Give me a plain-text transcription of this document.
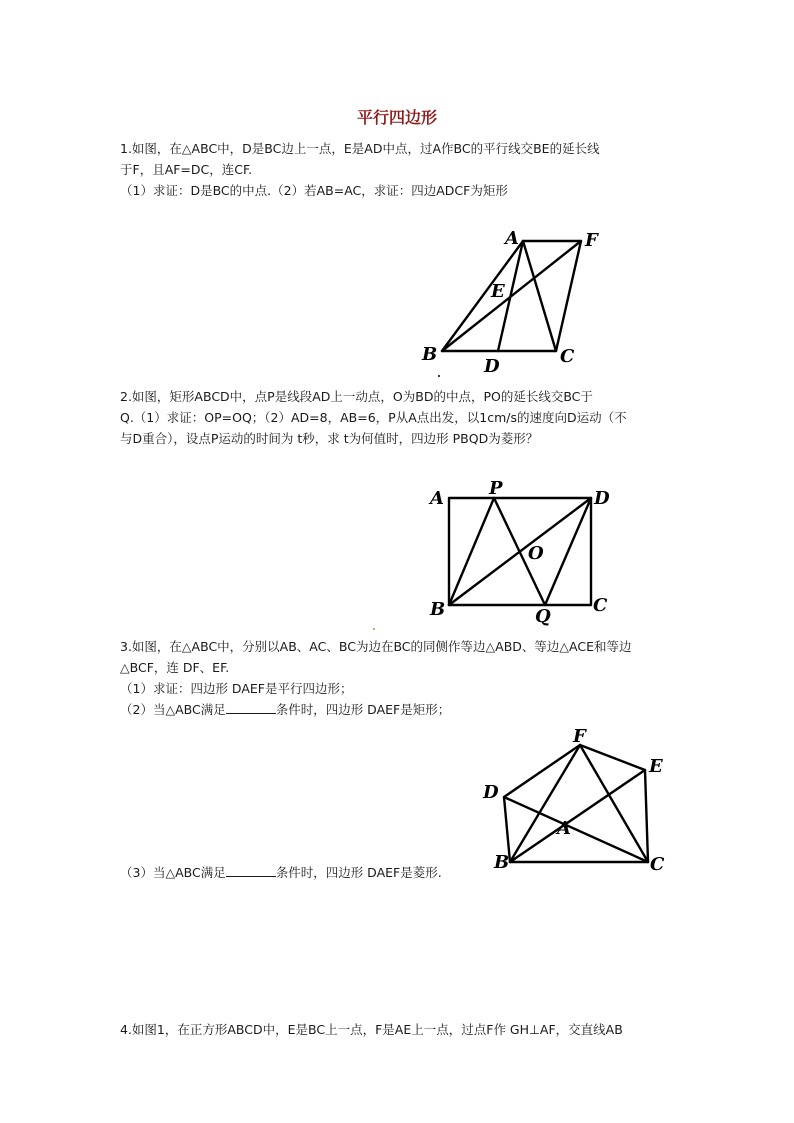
平行四边形
1.如图，在△ABC中，D是BC边上一点，E是AD中点，过A作BC的平行线交BE的延长线
于F，且AF=DC，连CF.
（1）求证：D是BC的中点.（2）若AB=AC，求证：四边ADCF为矩形
A	F
E
B
D	C
2.如图，矩形ABCD中，点P是线段AD上一动点，O为BD的中点，PO的延长线交BC于
Q.（1）求证：OP=OQ；（2）AD=8，AB=6，P从A点出发，以1cm/s的速度向D运动（不
与D重合），设点P运动的时间为 t秒，求 t为何值时，四边形 PBQD为菱形？
A	P	D
O
B	Q
C
3.如图，在△ABC中，分别以AB、AC、BC为边在BC的同侧作等边△ABD、等边△ACE和等边
△BCF，连 DF、EF.
（1）求证：四边形 DAEF是平行四边形；
（2）当△ABC满足	条件时，四边形 DAEF是矩形；
F
E
D
A
B	C
（3）当△ABC满足	条件时，四边形 DAEF是菱形.
4.如图1，在正方形ABCD中，E是BC上一点，F是AE上一点，过点F作 GH⊥AF，交直线AB
